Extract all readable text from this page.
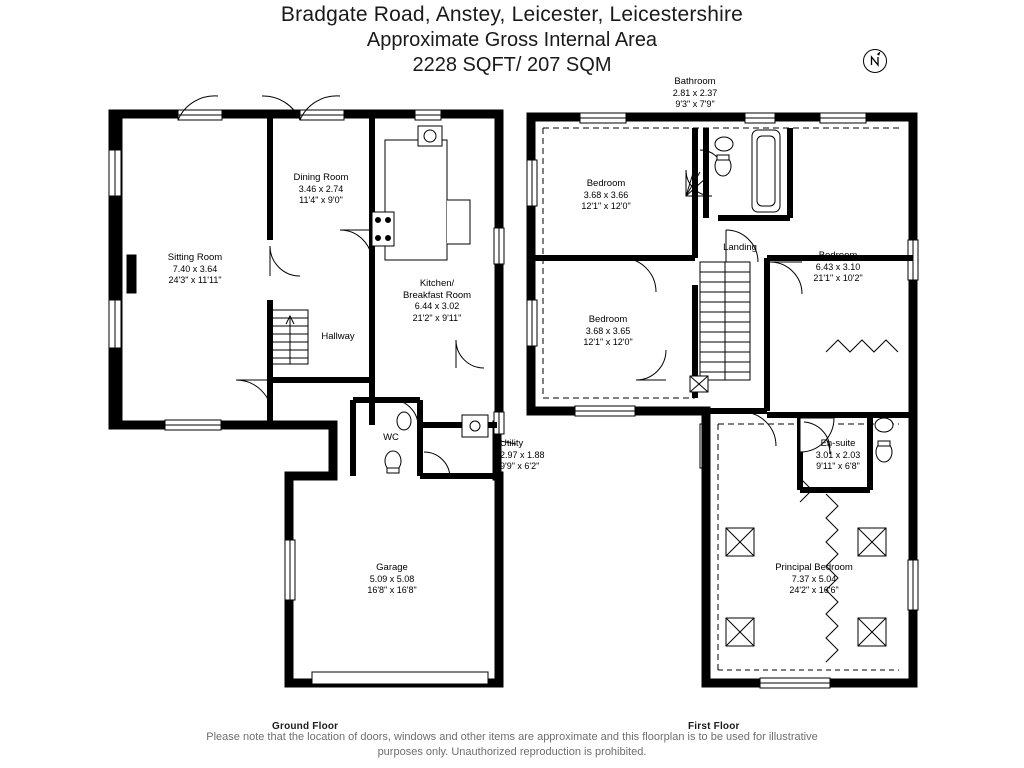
Bradgate Road, Anstey, Leicester, Leicestershire
Approximate Gross Internal Area
2228 SQFT/ 207 SQM
Sitting Room
7.40 x 3.64
24'3" x 11'11"
Dining Room
3.46 x 2.74
11'4" x 9'0"
Kitchen/
Breakfast Room
6.44 x 3.02
21'2" x 9'11"
Hallway
WC
Utility
2.97 x 1.88
9'9" x 6'2"
Garage
5.09 x 5.08
16'8" x 16'8"
Bathroom
2.81 x 2.37
9'3" x 7'9"
Bedroom
3.68 x 3.66
12'1" x 12'0"
Landing
Bedroom
6.43 x 3.10
21'1" x 10'2"
Bedroom
3.68 x 3.65
12'1" x 12'0"
En-suite
3.01 x 2.03
9'11" x 6'8"
Principal Bedroom
7.37 x 5.04
24'2" x 16'6"
Ground Floor	First Floor
Please note that the location of doors, windows and other items are approximate and this floorplan is to be used for illustrative
purposes only. Unauthorized reproduction is prohibited.
